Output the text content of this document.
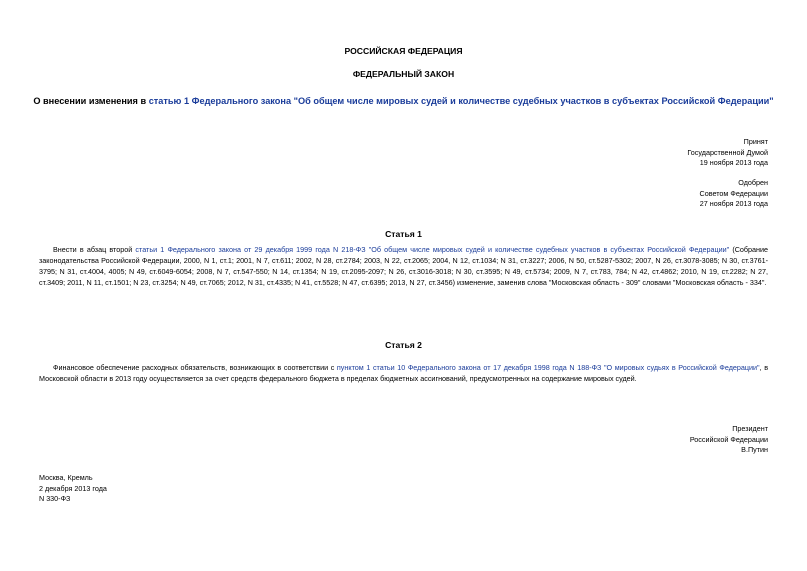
РОССИЙСКАЯ ФЕДЕРАЦИЯ
ФЕДЕРАЛЬНЫЙ ЗАКОН
О внесении изменения в статью 1 Федерального закона "Об общем числе мировых судей и количестве судебных участков в субъектах Российской Федерации"
Принят
Государственной Думой
19 ноября 2013 года
Одобрен
Советом Федерации
27 ноября 2013 года
Статья 1
Внести в абзац второй статьи 1 Федерального закона от 29 декабря 1999 года N 218-ФЗ "Об общем числе мировых судей и количестве судебных участков в субъектах Российской Федерации" (Собрание законодательства Российской Федерации, 2000, N 1, ст.1; 2001, N 7, ст.611; 2002, N 28, ст.2784; 2003, N 22, ст.2065; 2004, N 12, ст.1034; N 31, ст.3227; 2006, N 50, ст.5287-5302; 2007, N 26, ст.3078-3085; N 30, ст.3761-3795; N 31, ст.4004, 4005; N 49, ст.6049-6054; 2008, N 7, ст.547-550; N 14, ст.1354; N 19, ст.2095-2097; N 26, ст.3016-3018; N 30, ст.3595; N 49, ст.5734; 2009, N 7, ст.783, 784; N 42, ст.4862; 2010, N 19, ст.2282; N 27, ст.3409; 2011, N 11, ст.1501; N 23, ст.3254; N 49, ст.7065; 2012, N 31, ст.4335; N 41, ст.5528; N 47, ст.6395; 2013, N 27, ст.3456) изменение, заменив слова "Московская область - 309" словами "Московская область - 334".
Статья 2
Финансовое обеспечение расходных обязательств, возникающих в соответствии с пунктом 1 статьи 10 Федерального закона от 17 декабря 1998 года N 188-ФЗ "О мировых судьях в Российской Федерации", в Московской области в 2013 году осуществляется за счет средств федерального бюджета в пределах бюджетных ассигнований, предусмотренных на содержание мировых судей.
Президент
Российской Федерации
В.Путин
Москва, Кремль
2 декабря 2013 года
N 330-ФЗ
